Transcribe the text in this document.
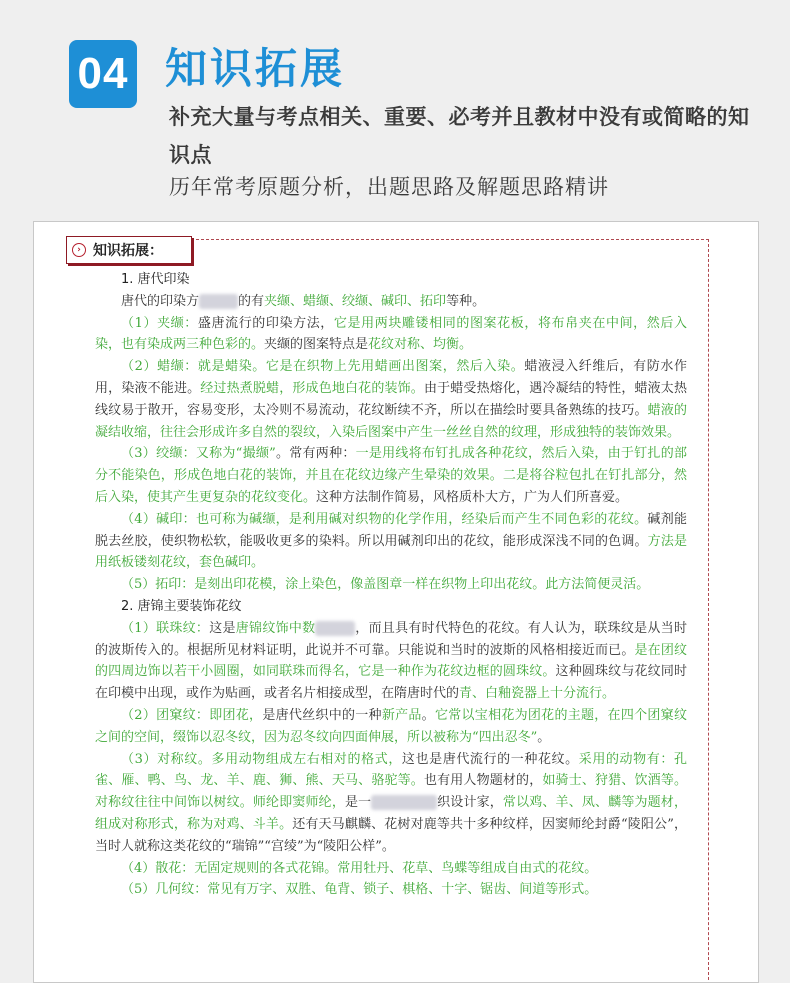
04 知识拓展
补充大量与考点相关、重要、必考并且教材中没有或简略的知识点
历年常考原题分析，出题思路及解题思路精讲
› 知识拓展：

1. 唐代印染

唐代的印染方	的有夹缬、蜡缬、绞缬、碱印、拓印等种。

（1）夹缬：盛唐流行的印染方法，它是用两块雕镂相同的图案花板，将布帛夹在中间，然后入染，也有染成两三种色彩的。夹缬的图案特点是花纹对称、均衡。

（2）蜡缬：就是蜡染。它是在织物上先用蜡画出图案，然后入染。蜡液浸入纤维后，有防水作用，染液不能进。经过热煮脱蜡，形成色地白花的装饰。由于蜡受热熔化，遇冷凝结的特性，蜡液太热线纹易于散开，容易变形，太冷则不易流动，花纹断续不齐，所以在描绘时要具备熟练的技巧。蜡液的凝结收缩，往往会形成许多自然的裂纹，入染后图案中产生一丝丝自然的纹理，形成独特的装饰效果。

（3）绞缬：又称为“撮缬”。常有两种：一是用线将布钉扎成各种花纹，然后入染，由于钉扎的部分不能染色，形成色地白花的装饰，并且在花纹边缘产生晕染的效果。二是将谷粒包扎在钉扎部分，然后入染，使其产生更复杂的花纹变化。这种方法制作简易，风格质朴大方，广为人们所喜爱。

（4）碱印：也可称为碱缬，是利用碱对织物的化学作用，经染后而产生不同色彩的花纹。碱剂能脱去丝胶，使织物松软，能吸收更多的染料。所以用碱剂印出的花纹，能形成深浅不同的色调。方法是用纸板镂刻花纹，套色碱印。

（5）拓印：是刻出印花模，涂上染色，像盖图章一样在织物上印出花纹。此方法简便灵活。

2. 唐锦主要装饰花纹

（1）联珠纹：这是唐锦纹饰中数	，而且具有时代特色的花纹。有人认为，联珠纹是从当时的波斯传入的。根据所见材料证明，此说并不可靠。只能说和当时的波斯的风格相接近而已。是在团纹的四周边饰以若干小圆圈，如同联珠而得名，它是一种作为花纹边框的圆珠纹。这种圆珠纹与花纹同时在印模中出现，或作为贴画，或者名片相接成型，在隋唐时代的青、白釉瓷器上十分流行。

（2）团窠纹：即团花，是唐代丝织中的一种新产品。它常以宝相花为团花的主题，在四个团窠纹之间的空间，缀饰以忍冬纹，因为忍冬纹向四面伸展，所以被称为“四出忍冬”。

（3）对称纹。多用动物组成左右相对的格式，这也是唐代流行的一种花纹。采用的动物有：孔雀、雁、鸭、鸟、龙、羊、鹿、狮、熊、天马、骆驼等。也有用人物题材的，如骑士、狩猎、饮酒等。对称纹往往中间饰以树纹。师纶即窦师纶，是一	织设计家，常以鸡、羊、凤、麟等为题材，组成对称形式，称为对鸡、斗羊。还有天马麒麟、花树对鹿等共十多种纹样，因窦师纶封爵“陵阳公”，当时人就称这类花纹的“瑞锦”“宫绫”为“陵阳公样”。

（4）散花：无固定规则的各式花锦。常用牡丹、花草、鸟蝶等组成自由式的花纹。

（5）几何纹：常见有万字、双胜、龟背、锁子、棋格、十字、锯齿、间道等形式。
